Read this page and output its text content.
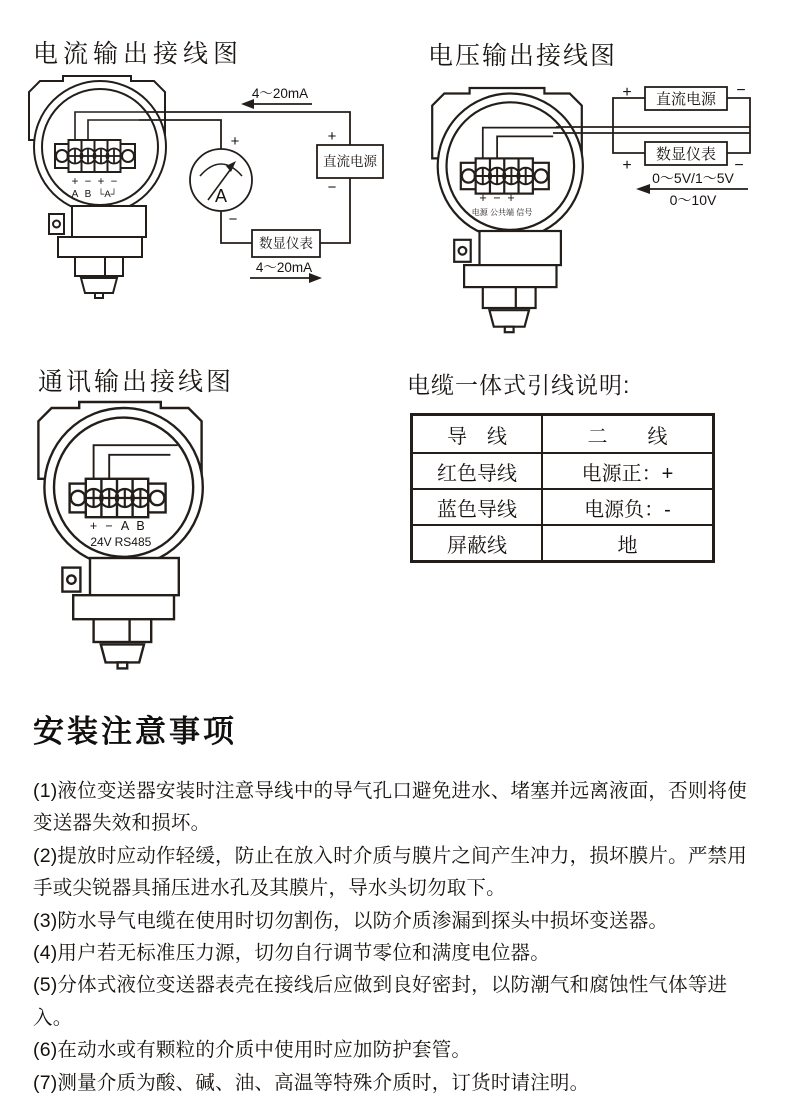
+ − + −
A B └A┘
4～20mA
4～20mA
A
+
−
直流电源
+
−
数显仪表
+ − +
电源 公共端 信号
直流电源
+	−
数显仪表
+	−
0～5V/1～5V
0～10V
+ − A B
24V RS485
电流输出接线图	电压输出接线图
通讯输出接线图	电缆一体式引线说明:
导　线	二　　线
红色导线	电源正：+
蓝色导线	电源负：-
屏蔽线	地
安装注意事项

(1)液位变送器安装时注意导线中的导气孔口避免进水、堵塞并远离液面，否则将使变送器失效和损坏。

(2)提放时应动作轻缓，防止在放入时介质与膜片之间产生冲力，损坏膜片。严禁用手或尖锐器具捅压进水孔及其膜片，导水头切勿取下。

(3)防水导气电缆在使用时切勿割伤，以防介质渗漏到探头中损坏变送器。

(4)用户若无标准压力源，切勿自行调节零位和满度电位器。

(5)分体式液位变送器表壳在接线后应做到良好密封，以防潮气和腐蚀性气体等进入。

(6)在动水或有颗粒的介质中使用时应加防护套管。

(7)测量介质为酸、碱、油、高温等特殊介质时，订货时请注明。
